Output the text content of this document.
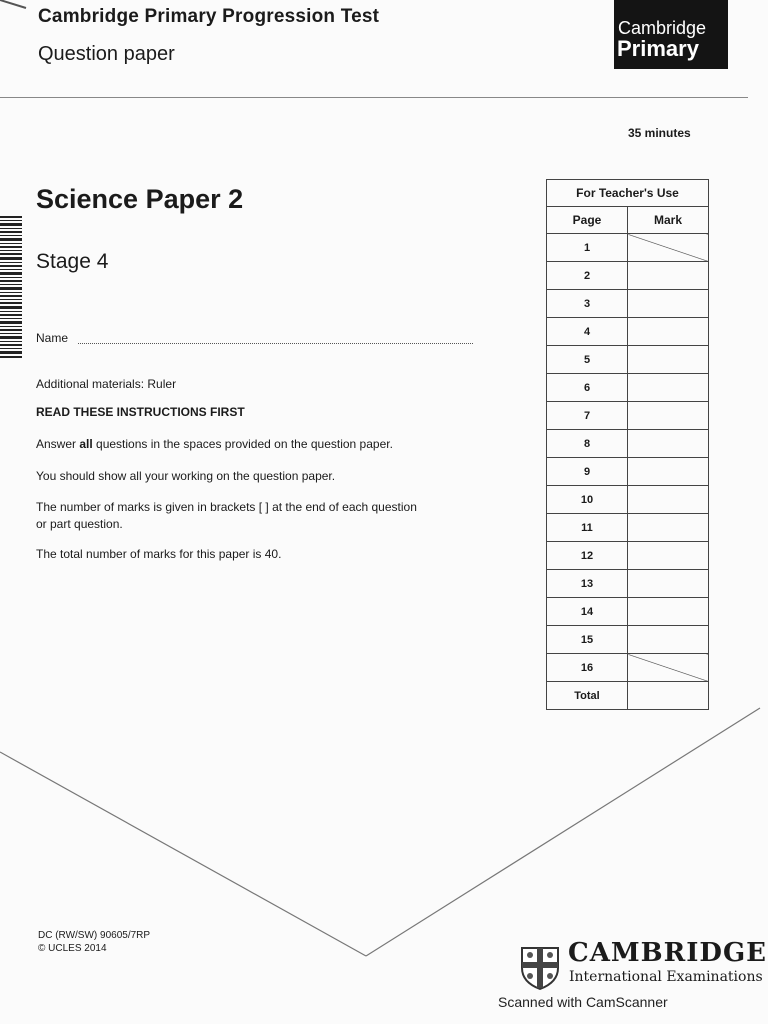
Cambridge Primary Progression Test
Question paper
Cambridge
Primary
35 minutes
Science Paper 2
Stage 4
Name
Additional materials: Ruler
READ THESE INSTRUCTIONS FIRST
Answer all questions in the spaces provided on the question paper.
You should show all your working on the question paper.
The number of marks is given in brackets [ ] at the end of each question
or part question.
The total number of marks for this paper is 40.
For Teacher's Use	
Page	Mark
1	
2	
3	
4	
5	
6	
7	
8	
9	
10	
11	
12	
13	
14	
15	
16	
Total	
DC (RW/SW) 90605/7RP
© UCLES 2014	CAMBRIDGE
International Examinations
Scanned with CamScanner
